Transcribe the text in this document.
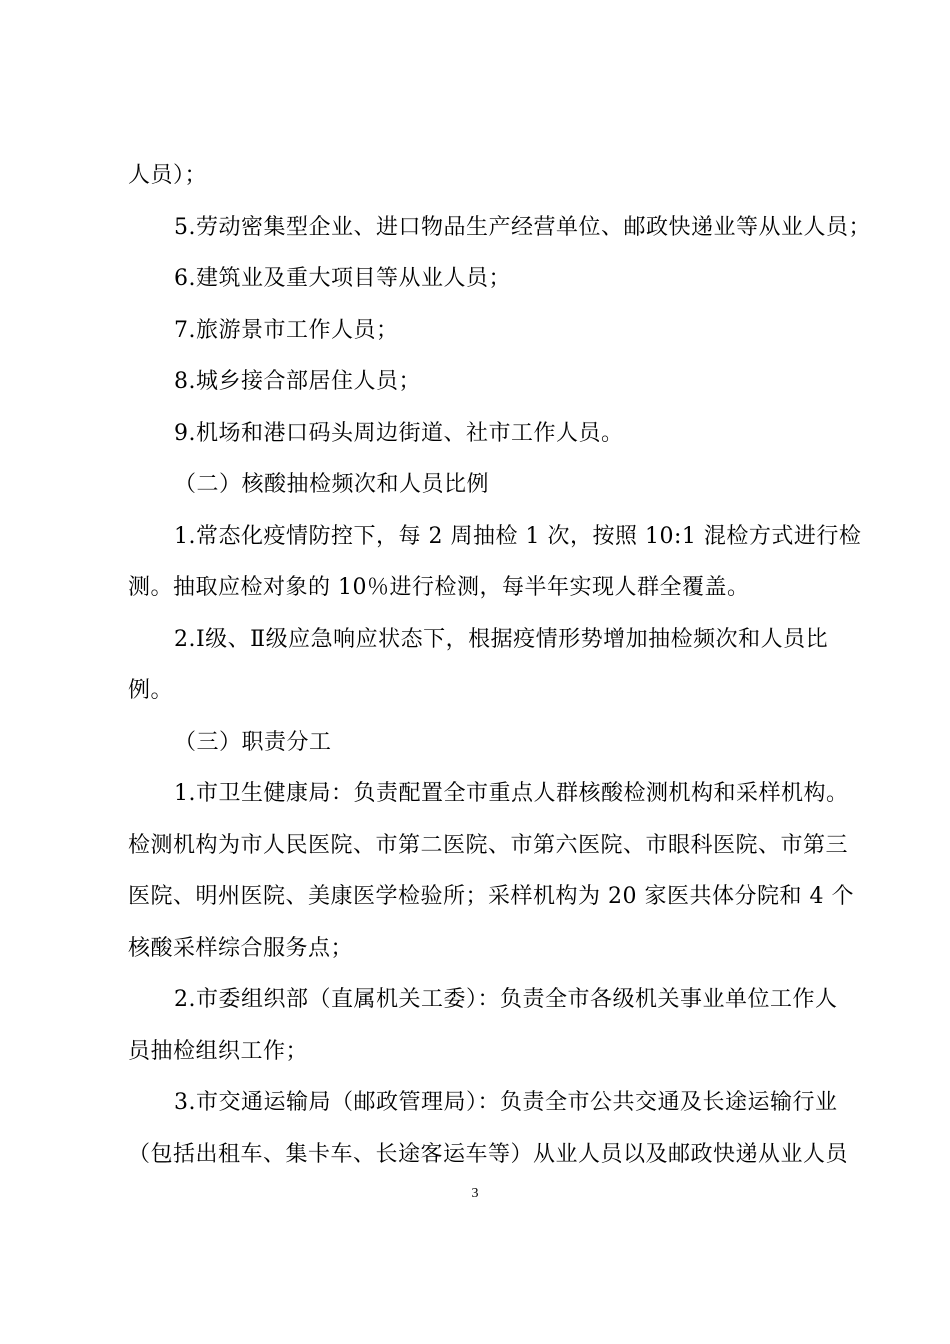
人员）；
5.劳动密集型企业、进口物品生产经营单位、邮政快递业等从业人员；
6.建筑业及重大项目等从业人员；
7.旅游景市工作人员；
8.城乡接合部居住人员；
9.机场和港口码头周边街道、社市工作人员。
（二）核酸抽检频次和人员比例
1.常态化疫情防控下，每 2 周抽检 1 次，按照 10:1 混检方式进行检
测。抽取应检对象的 10％进行检测，每半年实现人群全覆盖。
2.Ⅰ级、Ⅱ级应急响应状态下，根据疫情形势增加抽检频次和人员比
例。
（三）职责分工
1.市卫生健康局：负责配置全市重点人群核酸检测机构和采样机构。
检测机构为市人民医院、市第二医院、市第六医院、市眼科医院、市第三
医院、明州医院、美康医学检验所；采样机构为 20 家医共体分院和 4 个
核酸采样综合服务点；
2.市委组织部（直属机关工委）：负责全市各级机关事业单位工作人
员抽检组织工作；
3.市交通运输局（邮政管理局）：负责全市公共交通及长途运输行业
（包括出租车、集卡车、长途客运车等）从业人员以及邮政快递从业人员
3
